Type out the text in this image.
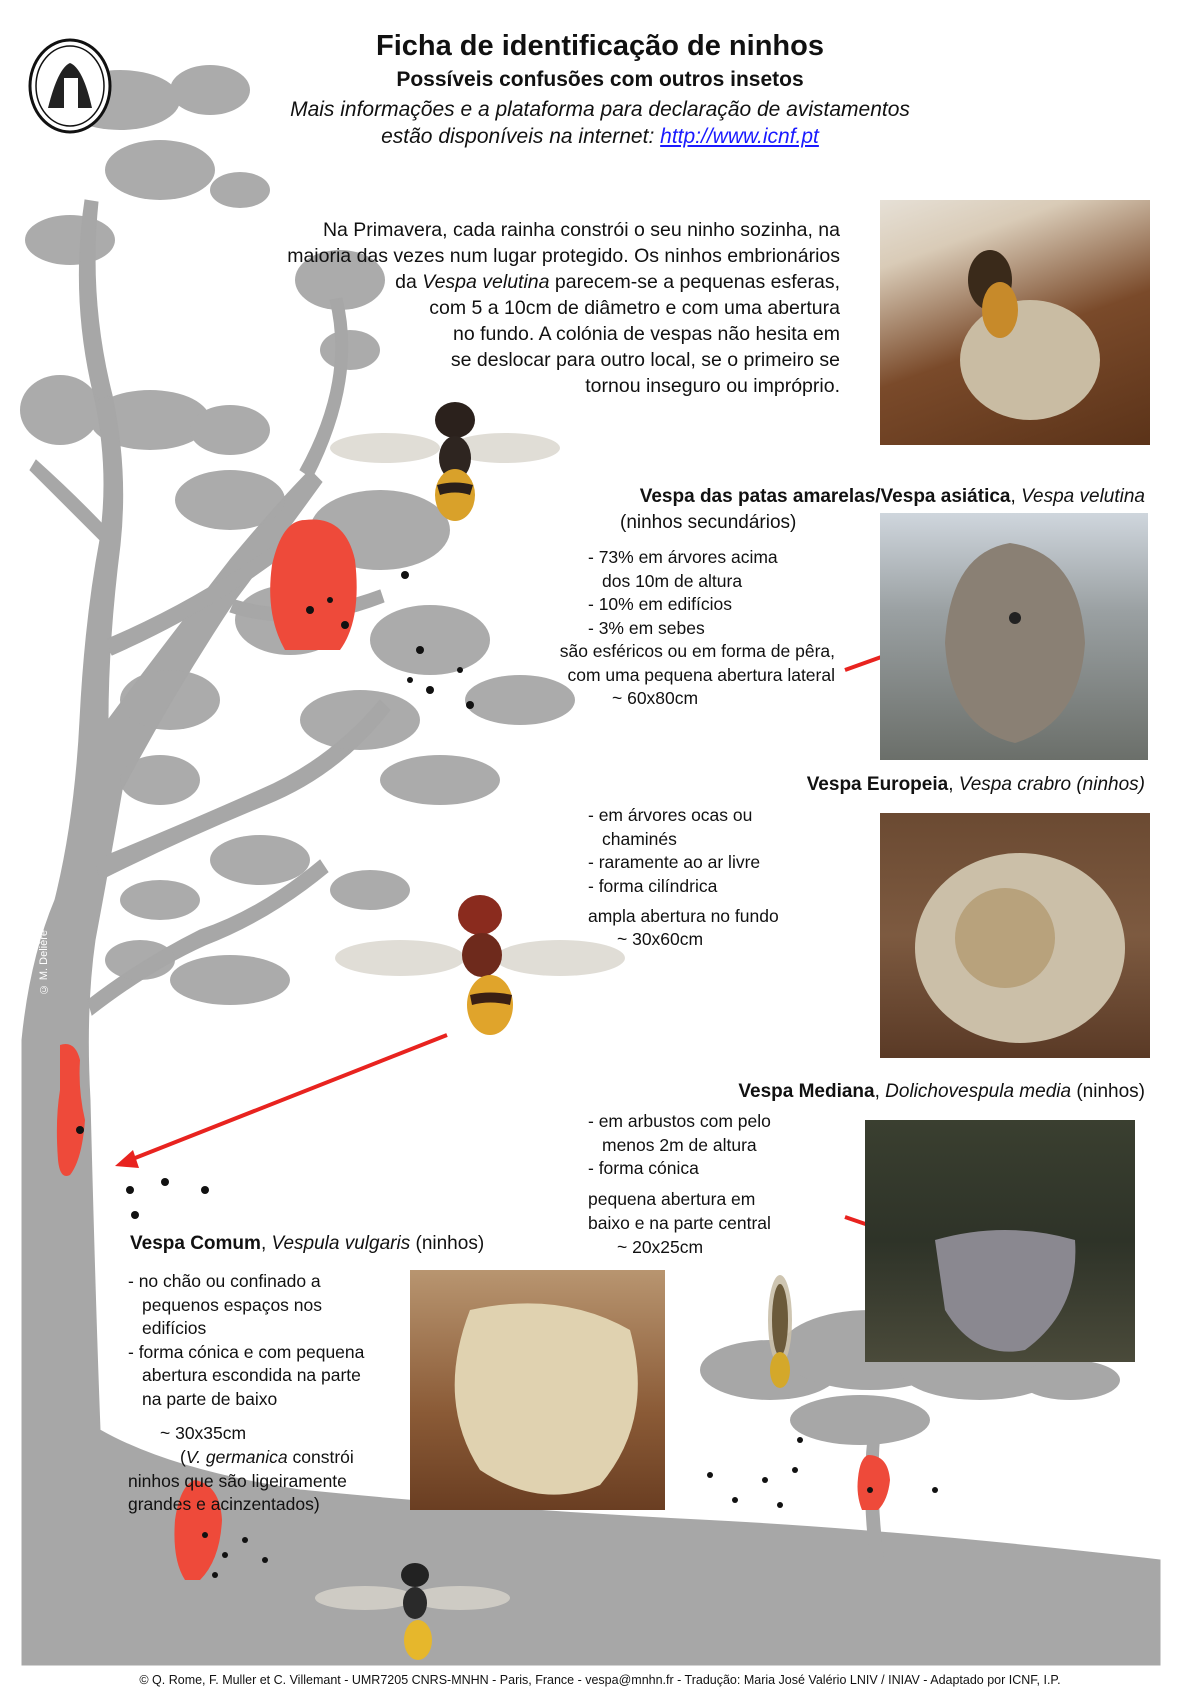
© M. Delière
Ficha de identificação de ninhos
Possíveis confusões com outros insetos
Mais informações e a plataforma para declaração de avistamentos
estão disponíveis na internet: http://www.icnf.pt
Na Primavera, cada rainha constrói o seu ninho sozinha, na
maioria das vezes num lugar protegido. Os ninhos embrionários
da Vespa velutina parecem-se a pequenas esferas,
com 5 a 10cm de diâmetro e com uma abertura
no fundo. A colónia de vespas não hesita em
se deslocar para outro local, se o primeiro se
tornou inseguro ou impróprio.
Vespa das patas amarelas/Vespa asiática, Vespa velutina
(ninhos secundários)
- 73% em árvores acima
dos 10m de altura
- 10% em edifícios
- 3% em sebes
são esféricos ou em forma de pêra,
com uma pequena abertura lateral
~ 60x80cm
Vespa Europeia, Vespa crabro (ninhos)
- em árvores ocas ou
chaminés
- raramente ao ar livre
- forma cilíndrica
ampla abertura no fundo
~ 30x60cm
Vespa Mediana, Dolichovespula media (ninhos)
- em arbustos com pelo
menos 2m de altura
- forma cónica
pequena abertura em
baixo e na parte central
~ 20x25cm
Vespa Comum, Vespula vulgaris (ninhos)
- no chão ou confinado a
pequenos espaços nos
edifícios
- forma cónica e com pequena
abertura escondida na parte
na parte de baixo
~ 30x35cm
(V. germanica constrói
ninhos que são ligeiramente
grandes e acinzentados)
© Q. Rome, F. Muller et C. Villemant - UMR7205 CNRS-MNHN - Paris, France - vespa@mnhn.fr - Tradução: Maria José Valério LNIV / INIAV - Adaptado por ICNF, I.P.
